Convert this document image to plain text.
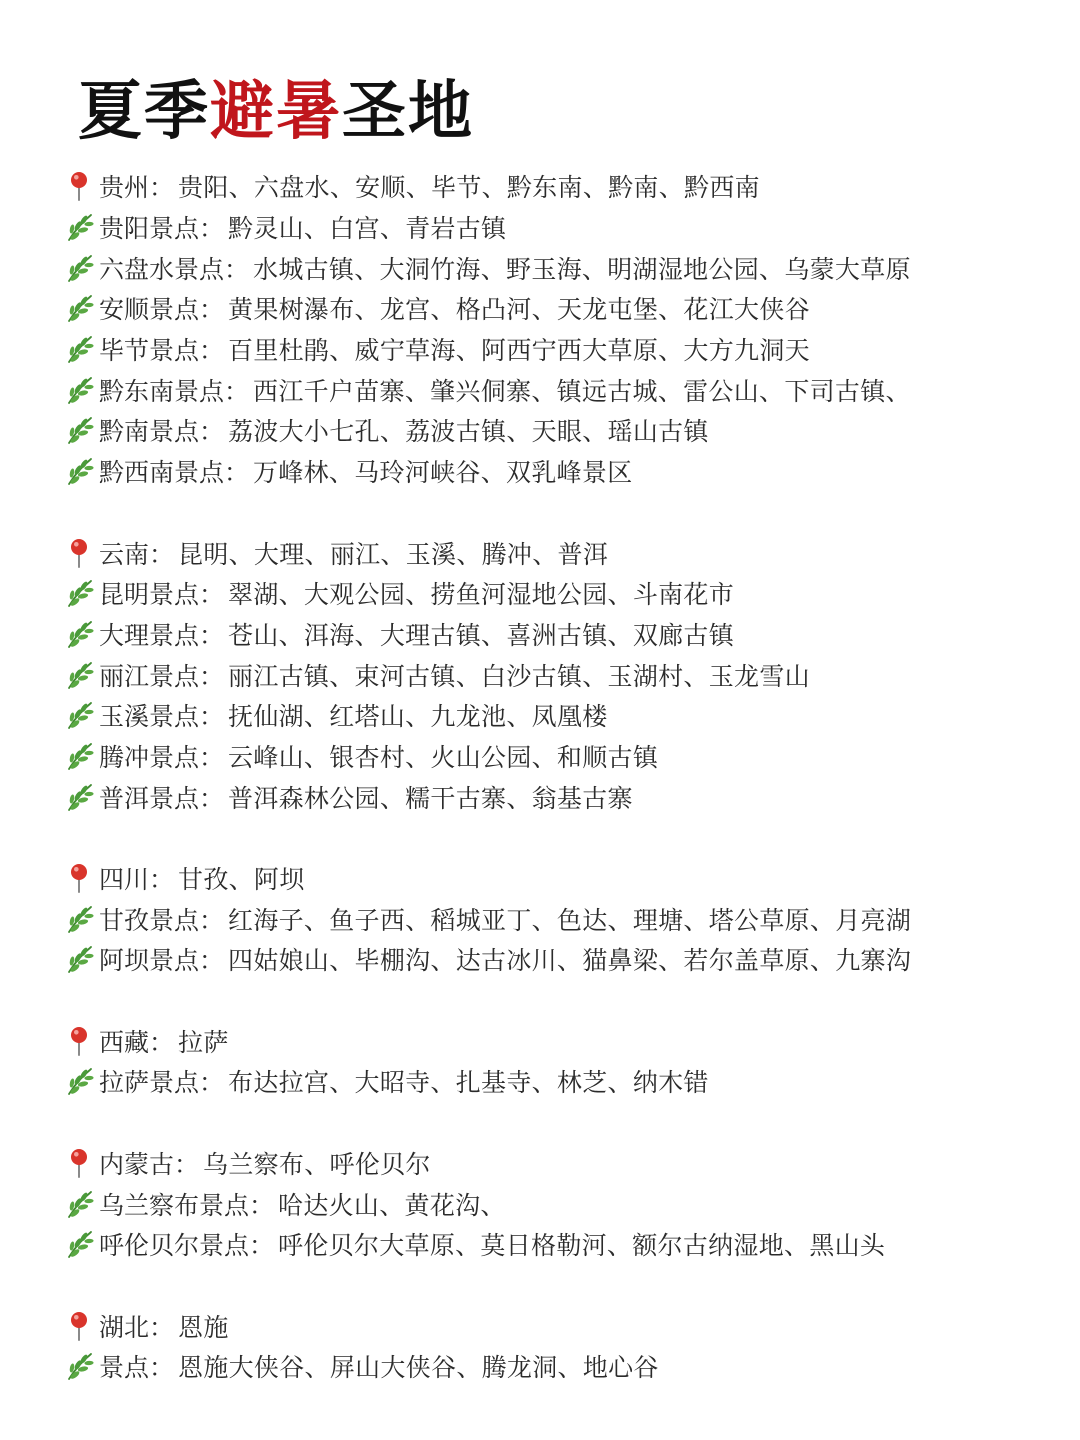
夏季避暑圣地
贵州 ： 贵阳、六盘水、安顺、毕节、黔东南、黔南、黔西南
贵阳景点 ： 黔灵山、白宫、青岩古镇
六盘水景点 ： 水城古镇、大洞竹海、野玉海、明湖湿地公园、乌蒙大草原
安顺景点 ： 黄果树瀑布、龙宫、格凸河、天龙屯堡、花江大侠谷
毕节景点 ： 百里杜鹃、威宁草海、阿西宁西大草原、大方九洞天
黔东南景点 ： 西江千户苗寨、肇兴侗寨、镇远古城、雷公山、下司古镇、
黔南景点 ： 荔波大小七孔、荔波古镇、天眼、瑶山古镇
黔西南景点 ： 万峰林、马玲河峡谷、双乳峰景区
云南 ： 昆明、大理、丽江、玉溪、腾冲、普洱
昆明景点 ： 翠湖、大观公园、捞鱼河湿地公园、斗南花市
大理景点 ： 苍山、洱海、大理古镇、喜洲古镇、双廊古镇
丽江景点 ： 丽江古镇、束河古镇、白沙古镇、玉湖村、玉龙雪山
玉溪景点 ： 抚仙湖、红塔山、九龙池、凤凰楼
腾冲景点 ： 云峰山、银杏村、火山公园、和顺古镇
普洱景点 ： 普洱森林公园、糯干古寨、翁基古寨
四川 ： 甘孜、阿坝
甘孜景点 ： 红海子、鱼子西、稻城亚丁、色达、理塘、塔公草原、月亮湖
阿坝景点 ： 四姑娘山、毕棚沟、达古冰川、猫鼻梁、若尔盖草原、九寨沟
西藏 ： 拉萨
拉萨景点 ： 布达拉宫、大昭寺、扎基寺、林芝、纳木错
内蒙古 ： 乌兰察布、呼伦贝尔
乌兰察布景点 ： 哈达火山、黄花沟、
呼伦贝尔景点 ： 呼伦贝尔大草原、莫日格勒河、额尔古纳湿地、黑山头
湖北 ： 恩施
景点 ： 恩施大侠谷、屏山大侠谷、腾龙洞、地心谷
